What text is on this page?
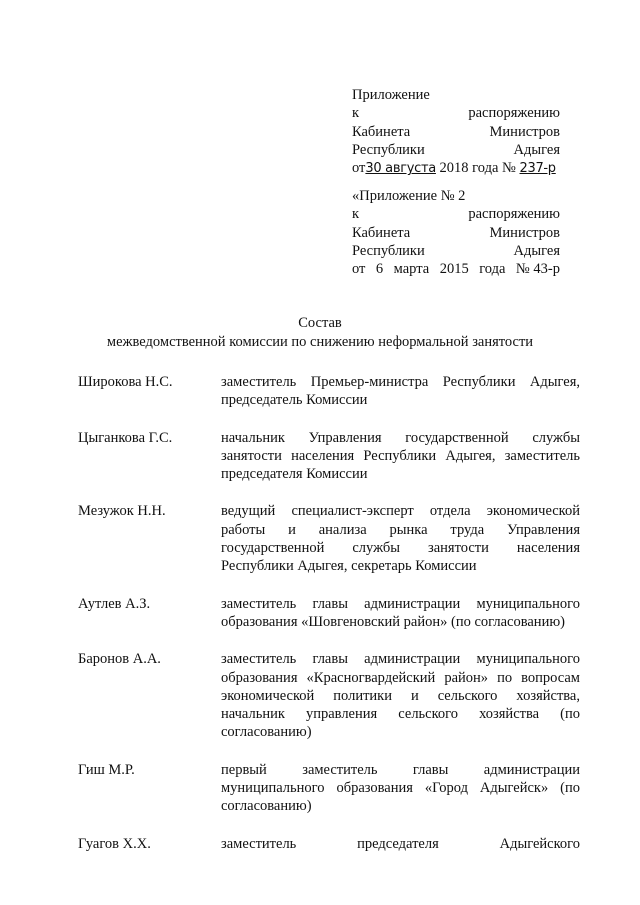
Приложение
к	распоряжению
Кабинета	Министров
Республики	Адыгея
от30 августа 2018 года № 237-р
«Приложение № 2
к	распоряжению
Кабинета	Министров
Республики	Адыгея
от 6 марта 2015 года № 43-р
Состав
межведомственной комиссии по снижению неформальной занятости
Широкова Н.С.	заместитель Премьер-министра Республики Адыгея, председатель Комиссии
Цыганкова Г.С.	начальник Управления государственной службы занятости населения Республики Адыгея, заместитель председателя Комиссии
Мезужок Н.Н.	ведущий специалист-эксперт отдела экономической работы и анализа рынка труда Управления государственной службы занятости населения Республики Адыгея, секретарь Комиссии
Аутлев А.З.	заместитель главы администрации муниципального образования «Шовгеновский район» (по согласованию)
Баронов А.А.	заместитель главы администрации муниципального образования «Красногвардейский район» по вопросам экономической политики и сельского хозяйства, начальник управления сельского хозяйства (по согласованию)
Гиш М.Р.	первый заместитель главы администрации муниципального образования «Город Адыгейск» (по согласованию)
Гуагов Х.Х.	заместитель председателя Адыгейского
